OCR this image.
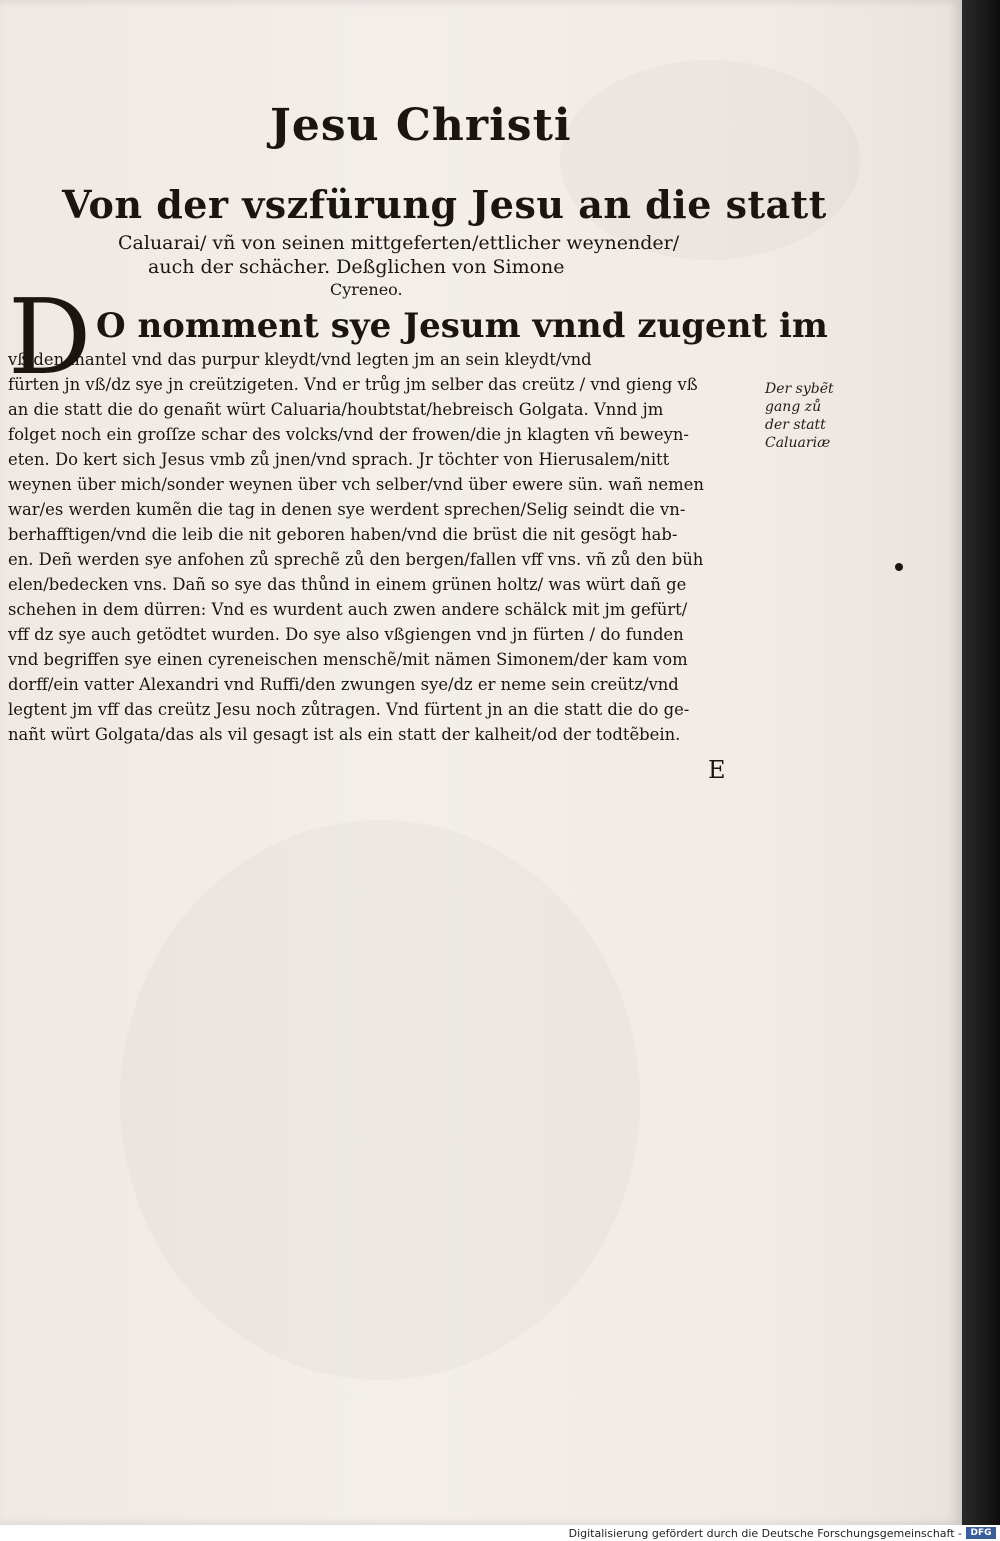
Jesu Christi
Von der vszfürung Jesu an die statt
Caluarai/ vñ von seinen mittgeferten/ettlicher weynender/
auch der schächer. Deßglichen von Simone
Cyreneo.
D O nomment sye Jesum vnnd zugent im
vß den mantel vnd das purpur kleydt/vnd legten jm an sein kleydt/vnd
fürten jn vß/dz sye jn creützigeten. Vnd er trůg jm selber das creütz / vnd gieng vß
an die statt die do genañt würt Caluaria/houbtstat/hebreisch Golgata. Vnnd jm
folget noch ein groſſze schar des volcks/vnd der frowen/die jn klagten vñ beweyn-
eten. Do kert sich Jesus vmb zů jnen/vnd sprach. Jr töchter von Hierusalem/nitt
weynen über mich/sonder weynen über vch selber/vnd über ewere sün. wañ nemen
war/es werden kumẽn die tag in denen sye werdent sprechen/Selig seindt die vn-
berhafftigen/vnd die leib die nit geboren haben/vnd die brüst die nit gesögt hab-
en. Deñ werden sye anfohen zů sprechẽ zů den bergen/fallen vff vns. vñ zů den büh
elen/bedecken vns. Dañ so sye das thůnd in einem grünen holtz/ was würt dañ ge
schehen in dem dürren: Vnd es wurdent auch zwen andere schälck mit jm gefürt/
vff dz sye auch getödtet wurden. Do sye also vßgiengen vnd jn fürten / do funden
vnd begriffen sye einen cyreneischen menschẽ/mit nämen Simonem/der kam vom
dorff/ein vatter Alexandri vnd Ruffi/den zwungen sye/dz er neme sein creütz/vnd
legtent jm vff das creütz Jesu noch zůtragen. Vnd fürtent jn an die statt die do ge-
nañt würt Golgata/das als vil gesagt ist als ein statt der kalheit/od der todtẽbein.
E
Der sybẽt
gang zů
der statt
Caluariæ
Digitalisierung gefördert durch die Deutsche Forschungsgemeinschaft - DFG
